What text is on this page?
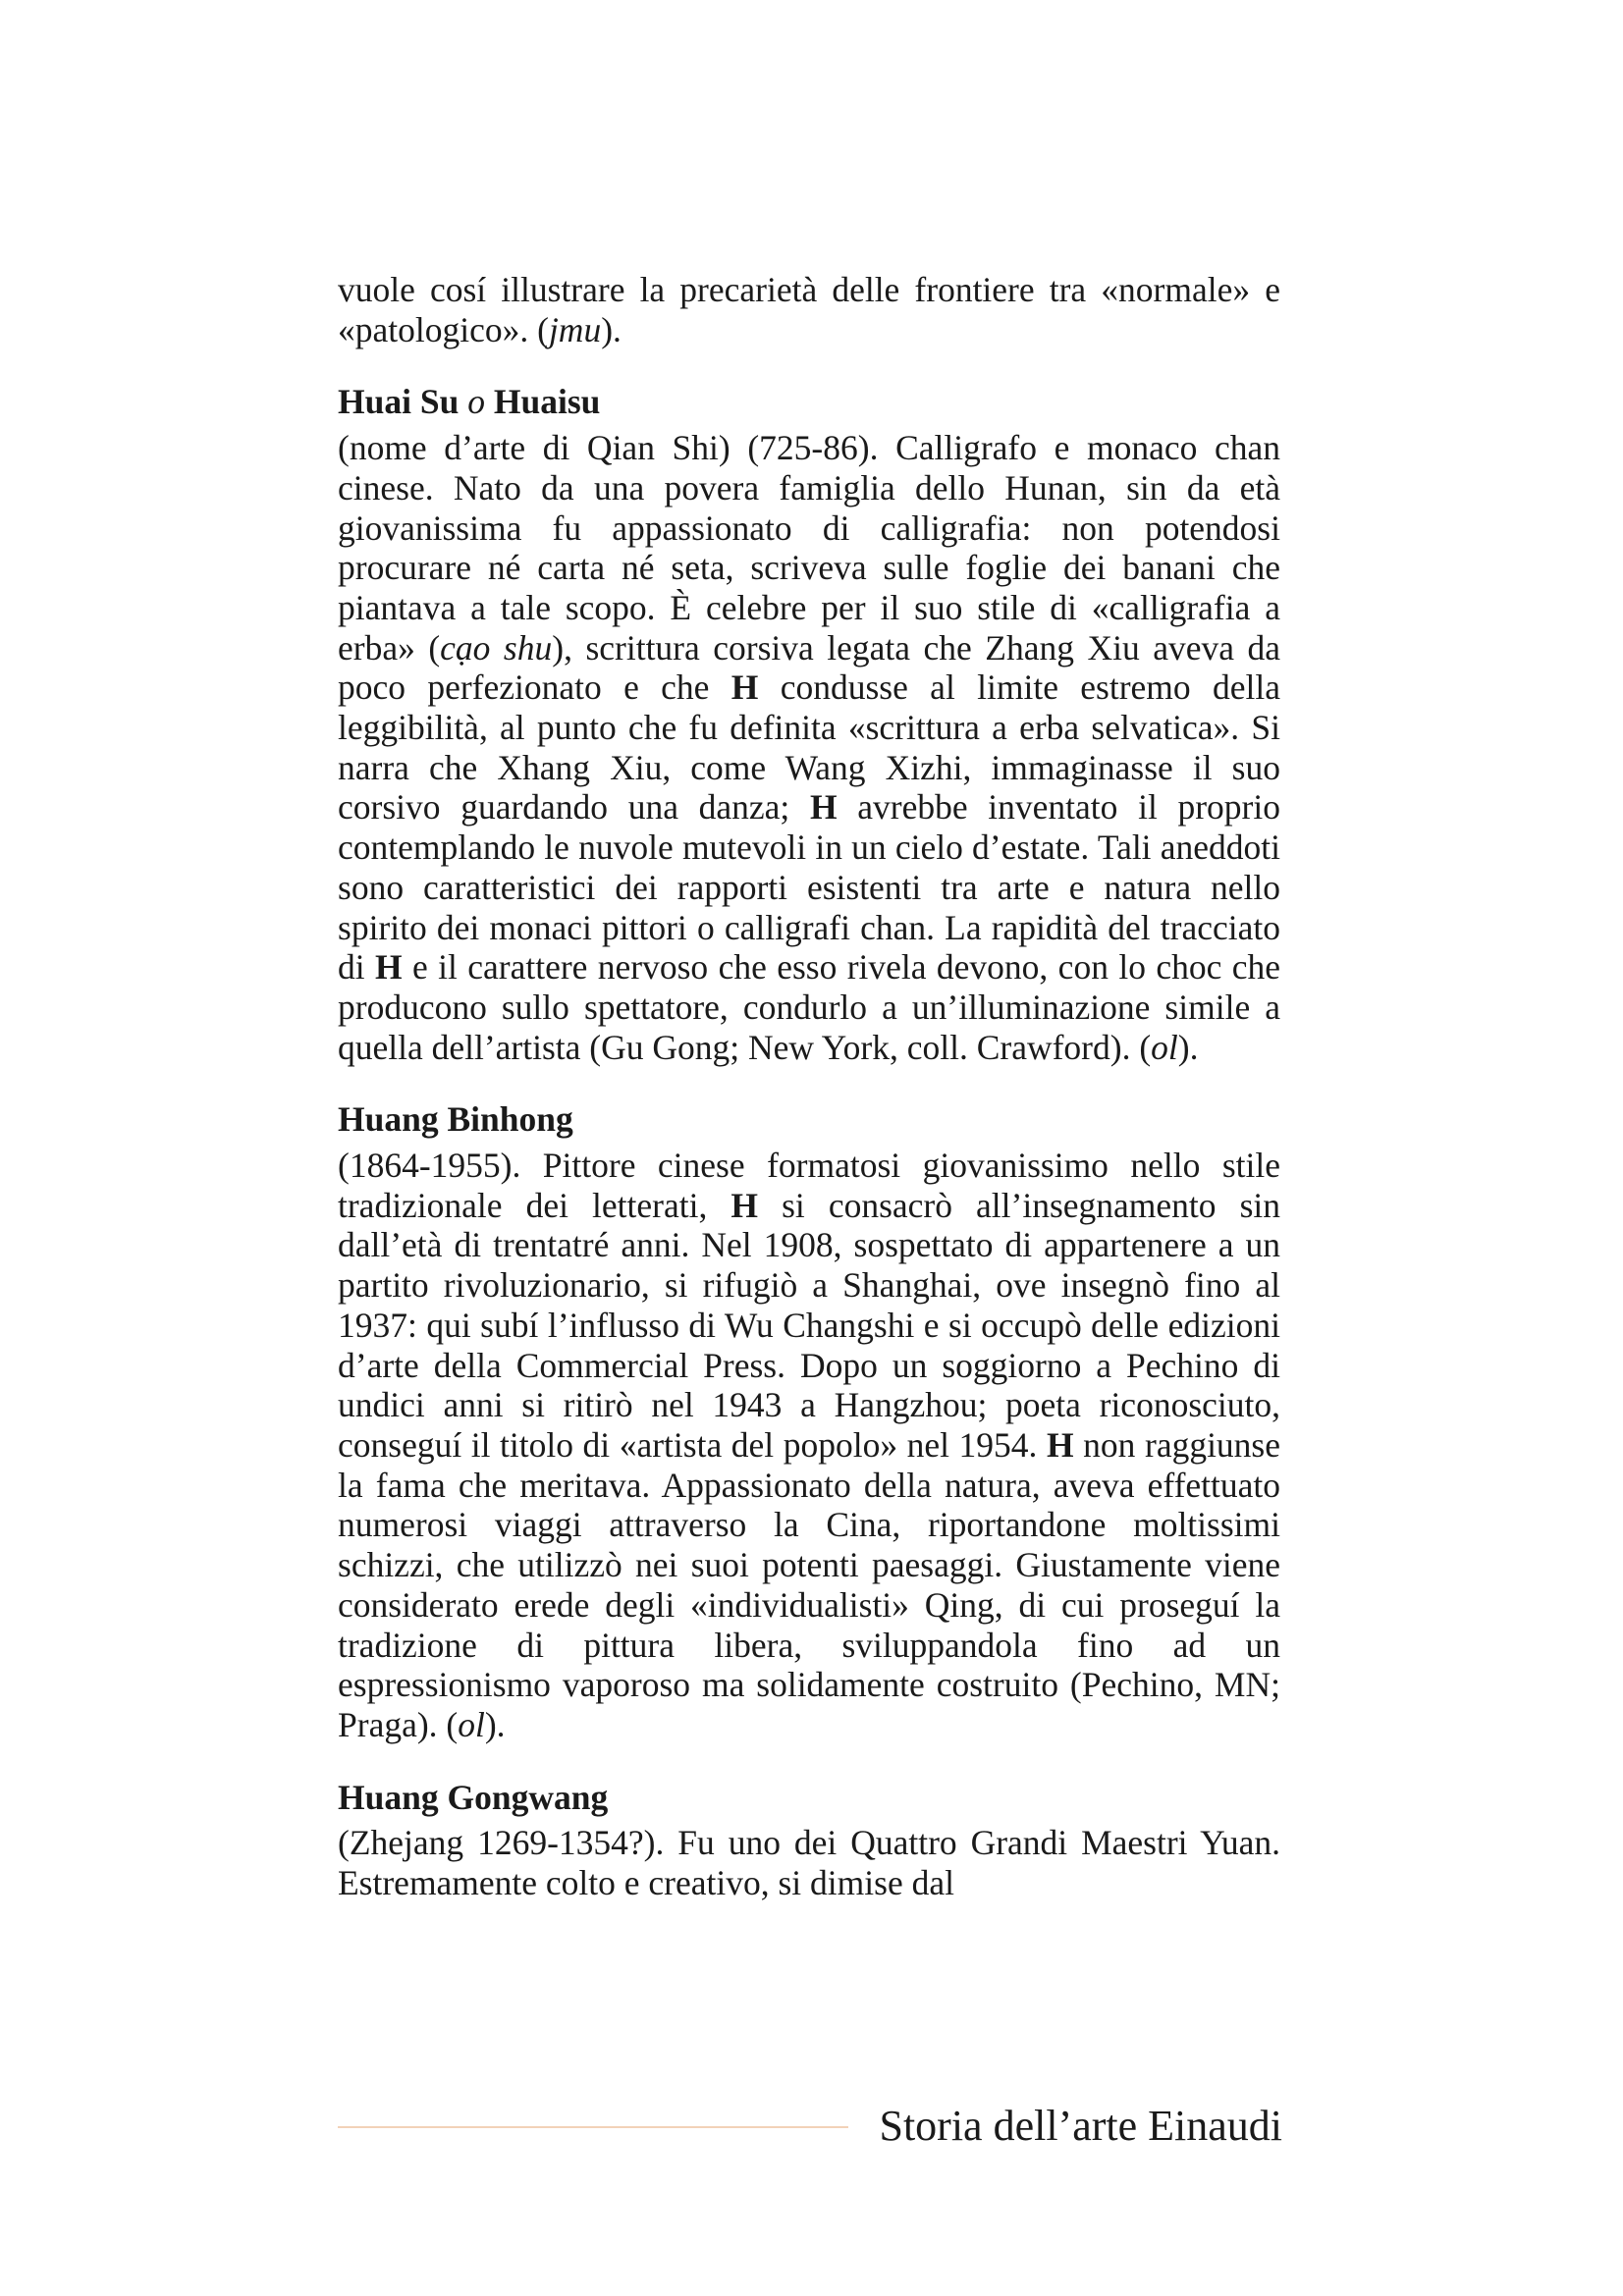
vuole cosí illustrare la precarietà delle frontiere tra «normale» e «patologico». (jmu).

Huai Su o Huaisu

(nome d’arte di Qian Shi) (725-86). Calligrafo e monaco chan cinese. Nato da una povera famiglia dello Hunan, sin da età giovanissima fu appassionato di calligrafia: non potendosi procurare né carta né seta, scriveva sulle foglie dei banani che piantava a tale scopo. È celebre per il suo stile di «calligrafia a erba» (cạo shu), scrittura corsiva legata che Zhang Xiu aveva da poco perfezionato e che H condusse al limite estremo della leggibilità, al punto che fu definita «scrittura a erba selvatica». Si narra che Xhang Xiu, come Wang Xizhi, immaginasse il suo corsivo guardando una danza; H avrebbe inventato il proprio contemplando le nuvole mutevoli in un cielo d’estate. Tali aneddoti sono caratteristici dei rapporti esistenti tra arte e natura nello spirito dei monaci pittori o calligrafi chan. La rapidità del tracciato di H e il carattere nervoso che esso rivela devono, con lo choc che producono sullo spettatore, condurlo a un’illuminazione simile a quella dell’artista (Gu Gong; New York, coll. Crawford). (ol).

Huang Binhong

(1864-1955). Pittore cinese formatosi giovanissimo nello stile tradizionale dei letterati, H si consacrò all’insegnamento sin dall’età di trentatré anni. Nel 1908, sospettato di appartenere a un partito rivoluzionario, si rifugiò a Shanghai, ove insegnò fino al 1937: qui subí l’influsso di Wu Changshi e si occupò delle edizioni d’arte della Commercial Press. Dopo un soggiorno a Pechino di undici anni si ritirò nel 1943 a Hangzhou; poeta riconosciuto, conseguí il titolo di «artista del popolo» nel 1954. H non raggiunse la fama che meritava. Appassionato della natura, aveva effettuato numerosi viaggi attraverso la Cina, riportandone moltissimi schizzi, che utilizzò nei suoi potenti paesaggi. Giustamente viene considerato erede degli «individualisti» Qing, di cui proseguí la tradizione di pittura libera, sviluppandola fino ad un espressionismo vaporoso ma solidamente costruito (Pechino, MN; Praga). (ol).

Huang Gongwang

(Zhejang 1269-1354?). Fu uno dei Quattro Grandi Maestri Yuan. Estremamente colto e creativo, si dimise dal

Storia dell’arte Einaudi
